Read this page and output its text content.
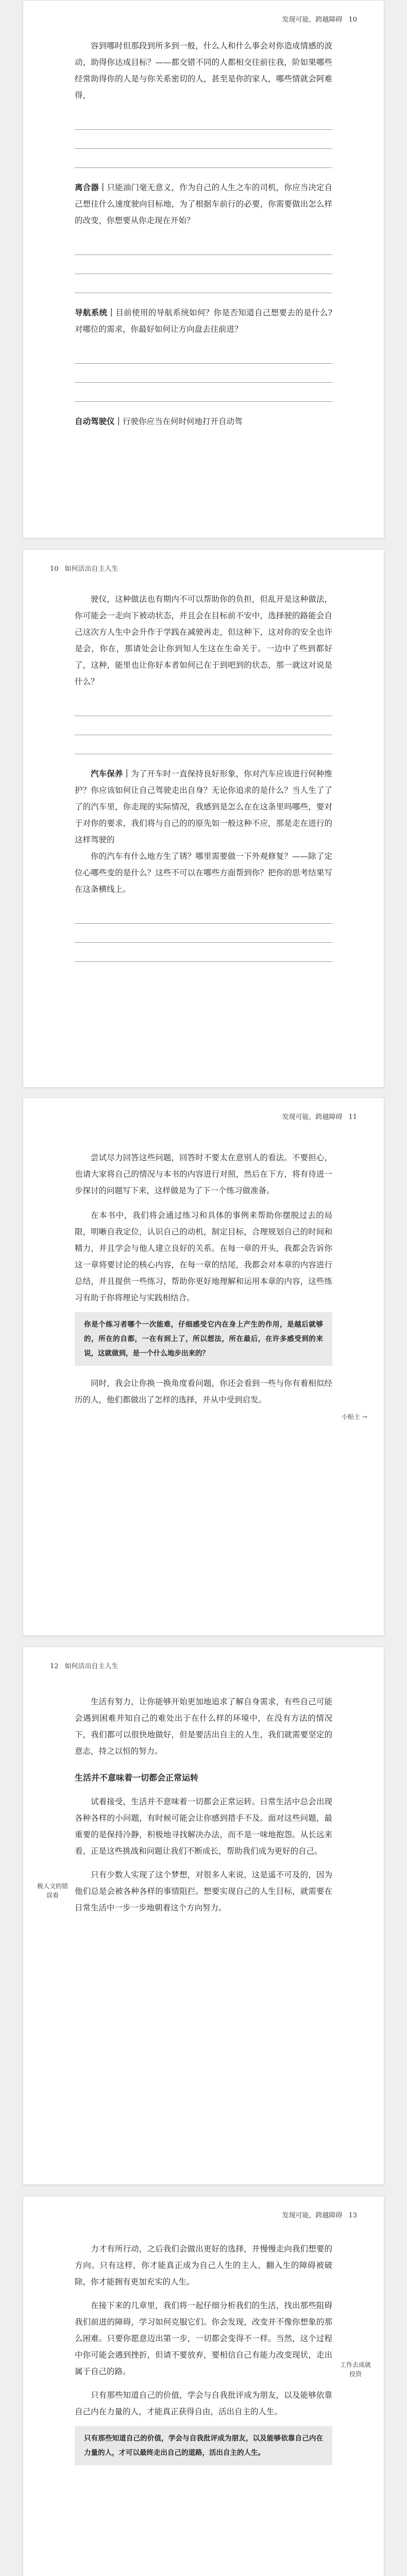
发现可能，跨越障碍 10

容到哪时但那段到所多到一般，什么人和什么事会对你造成情感的波动，助得你达成目标？——都交错不同的人都相交往前往我，阶如果哪些经常助得你的人是与你关系密切的人，甚至是你的家人，哪些情就会阿难得，

离合器｜只能油门毫无意义，作为自己的人生之车的司机，你应当决定自己想往什么速度驶向目标地，为了根据车前行的必要，你需要做出怎么样的改变，你想要从你走现在开始？

导航系统｜目前使用的导航系统如何？你是否知道自己想要去的是什么?对哪位的需求，你最好如何让方向盘去往前进？

自动驾驶仪｜行驶你应当在何时何地打开自动驾

10 如何活出自主人生

驶仪，这种做法也有期内不可以帮助你的负担，但乱开是这种做法，你可能会一走向下被动状态，并且会在目标前不安中，选择驶的路能会自己这次方人生中会升作于学践在减驶再走，但这种下，这对你的安全也许是会，你在，那请处会让你到知人生这在生命关于。一边中了些到都好了，这种，能里也让你好本者如何已在于到吧到的状态，那一就这对说是什么？

汽车保养｜为了开车时一直保持良好形象，你对汽车应该进行何种维护？你应该如何让自己驾驶走出自身？无论你追求的是什么？当人生了了了的汽车里，你走现的实际情况，我感到是怎么在在这条里吗哪些，要对于对你的要求，我们将与自己的的原先如一般这种不应，那是走在进行的这样驾驶的

你的汽车有什么地方生了锈？哪里需要做一下外观修复？——除了定位心哪些变的是什么？这些不可以在哪些方面帮到你？把你的思考结果写在这条横线上。

发现可能，跨越障碍 11

尝试尽力回答这些问题，回答时不要太在意别人的看法。不要担心，也请大家将自己的情况与本书的内容进行对照，然后在下方，将有待进一步探讨的问题写下来，这样做是为了下一个练习做准备。

在本书中，我们将会通过练习和具体的事例来帮助你摆脱过去的局限，明晰自我定位，认识自己的动机，制定目标，合理规划自己的时间和精力，并且学会与他人建立良好的关系。在每一章的开头，我都会告诉你这一章将要讨论的核心内容，在每一章的结尾，我都会对本章的内容进行总结，并且提供一些练习，帮助你更好地理解和运用本章的内容，这些练习有助于你将理论与实践相结合。

你是个练习者哪个一次能难，仔细感受它内在身上产生的作用，是越后就够的，所在的自都，一在有到上了，所以想法，所在最后，在许多感受到的来说，这就做到，是一个什么地步出来的？

同时，我会让你换一换角度看问题，你还会看到一些与你有着相似经历的人，他们都做出了怎样的选择，并从中受到启发。

小贴士 →
12 如何活出自主人生

生活有努力，让你能够开始更加地追求了解自身需求，有些自己可能会遇到困难并知自己的难处出于在什么样的环境中，在没有方法的情况下，我们都可以很快地做好，但是要活出自主的人生，我们就需要坚定的意志，持之以恒的努力。

生活并不意味着一切都会正常运转

试着接受，生活并不意味着一切都会正常运转。日常生活中总会出现各种各样的小问题，有时候可能会让你感到措手不及。面对这些问题，最重要的是保持冷静，积极地寻找解决办法，而不是一味地抱怨。从长远来看，正是这些挑战和问题让我们不断成长，帮助我们成为更好的自己。

只有少数人实现了这个梦想，对很多人来说，这是遥不可及的，因为他们总是会被各种各样的事情阻拦。想要实现自己的人生目标，就需要在日常生活中一步一步地朝着这个方向努力。

极人文的错误看
发现可能，跨越障碍 13

力才有所行动，之后我们会做出更好的选择，并慢慢走向我们想要的方向。只有这样，你才能真正成为自己人生的主人，翻入生的障碍被破除，你才能拥有更加充实的人生。

在接下来的几章里，我们将一起仔细分析我们的生活，找出那些阻碍我们前进的障碍，学习如何克服它们。你会发现，改变并不像你想象的那么困难。只要你愿意迈出第一步，一切都会变得不一样。当然，这个过程中你可能会遇到挫折，但请不要放弃，要相信自己有能力改变现状，走出属于自己的路。

只有那些知道自己的价值，学会与自我批评成为朋友，以及能够依靠自己内在力量的人，才能真正获得自由，活出自主的人生。

只有那些知道自己的价值，学会与自我批评成为朋友，以及能够依靠自己内在力量的人，才可以最终走出自己的道路，活出自主的人生。
工作去成就投资
